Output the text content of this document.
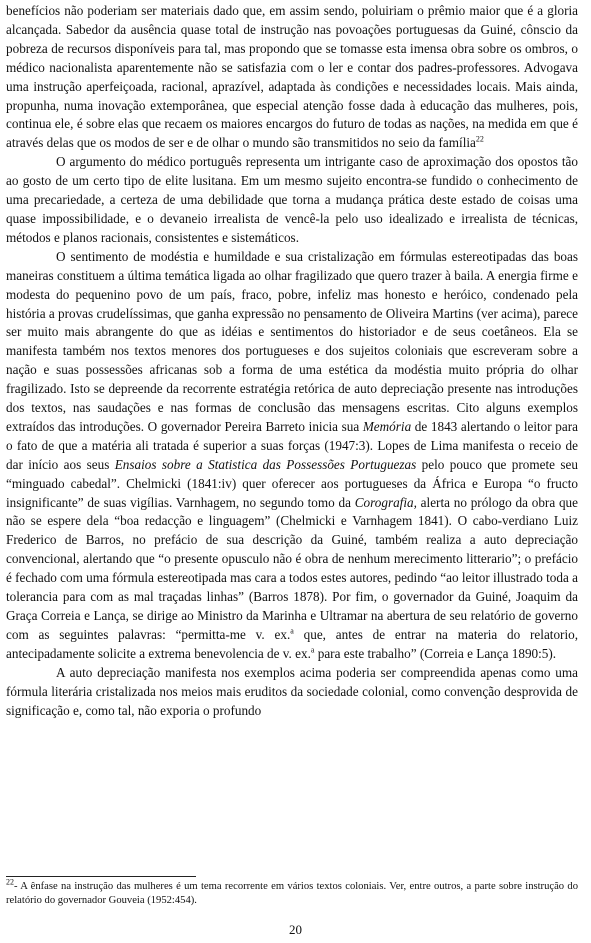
benefícios não poderiam ser materiais dado que, em assim sendo, poluiriam o prêmio maior que é a gloria alcançada. Sabedor da ausência quase total de instrução nas povoações portuguesas da Guiné, cônscio da pobreza de recursos disponíveis para tal, mas propondo que se tomasse esta imensa obra sobre os ombros, o médico nacionalista aparentemente não se satisfazia com o ler e contar dos padres-professores. Advogava uma instrução aperfeiçoada, racional, aprazível, adaptada às condições e necessidades locais. Mais ainda, propunha, numa inovação extemporânea, que especial atenção fosse dada à educação das mulheres, pois, continua ele, é sobre elas que recaem os maiores encargos do futuro de todas as nações, na medida em que é através delas que os modos de ser e de olhar o mundo são transmitidos no seio da família$^{22}$

O argumento do médico português representa um intrigante caso de aproximação dos opostos tão ao gosto de um certo tipo de elite lusitana. Em um mesmo sujeito encontra-se fundido o conhecimento de uma precariedade, a certeza de uma debilidade que torna a mudança prática deste estado de coisas uma quase impossibilidade, e o devaneio irrealista de vencê-la pelo uso idealizado e irrealista de técnicas, métodos e planos racionais, consistentes e sistemáticos.

O sentimento de modéstia e humildade e sua cristalização em fórmulas estereotipadas das boas maneiras constituem a última temática ligada ao olhar fragilizado que quero trazer à baila. A energia firme e modesta do pequenino povo de um país, fraco, pobre, infeliz mas honesto e heróico, condenado pela história a provas crudelíssimas, que ganha expressão no pensamento de Oliveira Martins (ver acima), parece ser muito mais abrangente do que as idéias e sentimentos do historiador e de seus coetâneos. Ela se manifesta também nos textos menores dos portugueses e dos sujeitos coloniais que escreveram sobre a nação e suas possessões africanas sob a forma de uma estética da modéstia muito própria do olhar fragilizado. Isto se depreende da recorrente estratégia retórica de auto depreciação presente nas introduções dos textos, nas saudações e nas formas de conclusão das mensagens escritas. Cito alguns exemplos extraídos das introduções. O governador Pereira Barreto inicia sua Memória de 1843 alertando o leitor para o fato de que a matéria ali tratada é superior a suas forças (1947:3). Lopes de Lima manifesta o receio de dar início aos seus Ensaios sobre a Statistica das Possessões Portuguezas pelo pouco que promete seu “minguado cabedal”. Chelmicki (1841:iv) quer oferecer aos portugueses da África e Europa “o fructo insignificante” de suas vigílias. Varnhagem, no segundo tomo da Corografia, alerta no prólogo da obra que não se espere dela “boa redacção e linguagem” (Chelmicki e Varnhagem 1841). O cabo-verdiano Luiz Frederico de Barros, no prefácio de sua descrição da Guiné, também realiza a auto depreciação convencional, alertando que “o presente opusculo não é obra de nenhum merecimento litterario”; o prefácio é fechado com uma fórmula estereotipada mas cara a todos estes autores, pedindo “ao leitor illustrado toda a tolerancia para com as mal traçadas linhas” (Barros 1878). Por fim, o governador da Guiné, Joaquim da Graça Correia e Lança, se dirige ao Ministro da Marinha e Ultramar na abertura de seu relatório de governo com as seguintes palavras: “permitta-me v. ex.$^a$ que, antes de entrar na materia do relatorio, antecipadamente solicite a extrema benevolencia de v. ex.$^a$ para este trabalho” (Correia e Lança 1890:5).

A auto depreciação manifesta nos exemplos acima poderia ser compreendida apenas como uma fórmula literária cristalizada nos meios mais eruditos da sociedade colonial, como convenção desprovida de significação e, como tal, não exporia o profundo

$^{22}$- A ênfase na instrução das mulheres é um tema recorrente em vários textos coloniais. Ver, entre outros, a parte sobre instrução do relatório do governador Gouveia (1952:454).
20
